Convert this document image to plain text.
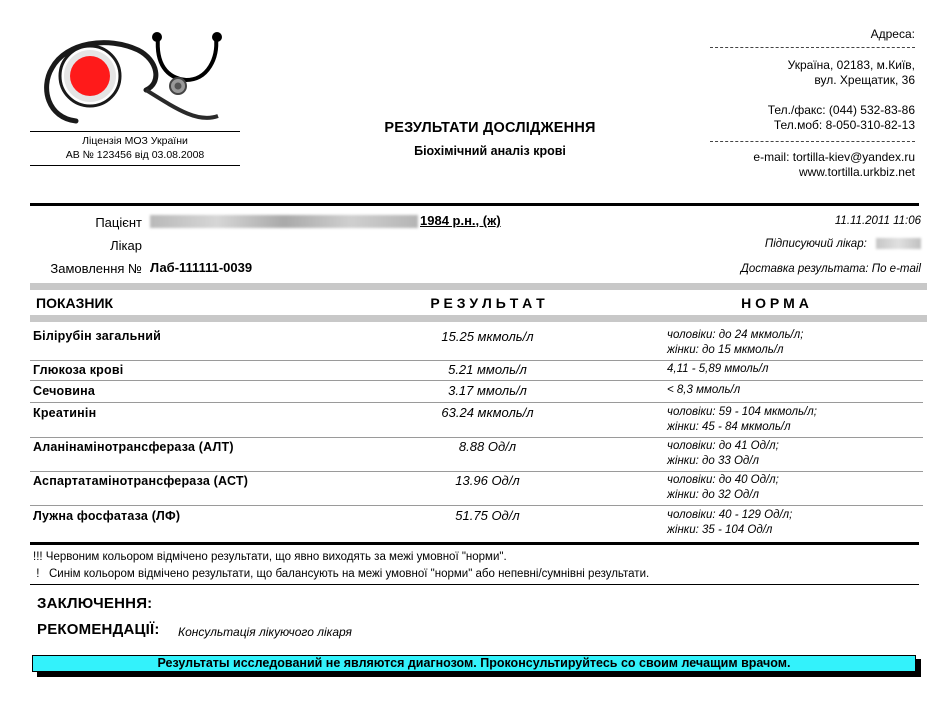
Ліцензія МОЗ України
АВ № 123456 від 03.08.2008
РЕЗУЛЬТАТИ ДОСЛІДЖЕННЯ
Біохімічний аналіз крові
Адреса:
Україна, 02183, м.Київ,
вул. Хрещатик, 36
Тел./факс: (044) 532-83-86
Тел.моб: 8-050-310-82-13
e-mail: tortilla-kiev@yandex.ru
www.tortilla.urkbiz.net
Пацієнт	1984 р.н., (ж)	11.11.2011 11:06
Лікар	Підписуючий лікар:
Замовлення № Лаб-111111-0039	Доставка результата: По e-mail
ПОКАЗНИК	Р Е З У Л Ь Т А Т	Н О Р М А
Білірубін загальний	15.25 мкмоль/л	чоловіки: до 24 мкмоль/л;
жінки: до 15 мкмоль/л
Глюкоза крові	5.21 ммоль/л	4,11 - 5,89 ммоль/л
Сечовина	3.17 ммоль/л	< 8,3 ммоль/л
Креатинін	63.24 мкмоль/л	чоловіки: 59 - 104 мкмоль/л;
жінки: 45 - 84 мкмоль/л
Аланінамінотрансфераза (АЛТ)	8.88 Од/л	чоловіки: до 41 Од/л;
жінки: до 33 Од/л
Аспартатамінотрансфераза (АСТ)	13.96 Од/л	чоловіки: до 40 Од/л;
жінки: до 32 Од/л
Лужна фосфатаза (ЛФ)	51.75 Од/л	чоловіки: 40 - 129 Од/л;
жінки: 35 - 104 Од/л
!!! Червоним кольором відмічено результати, що явно виходять за межі умовної "норми".
!   Синім кольором відмічено результати, що балансують на межі умовної "норми" або непевні/сумнівні результати.
ЗАКЛЮЧЕННЯ:
РЕКОМЕНДАЦІЇ: Консультація лікуючого лікаря
Результаты исследований не являются диагнозом. Проконсультируйтесь со своим лечащим врачом.
